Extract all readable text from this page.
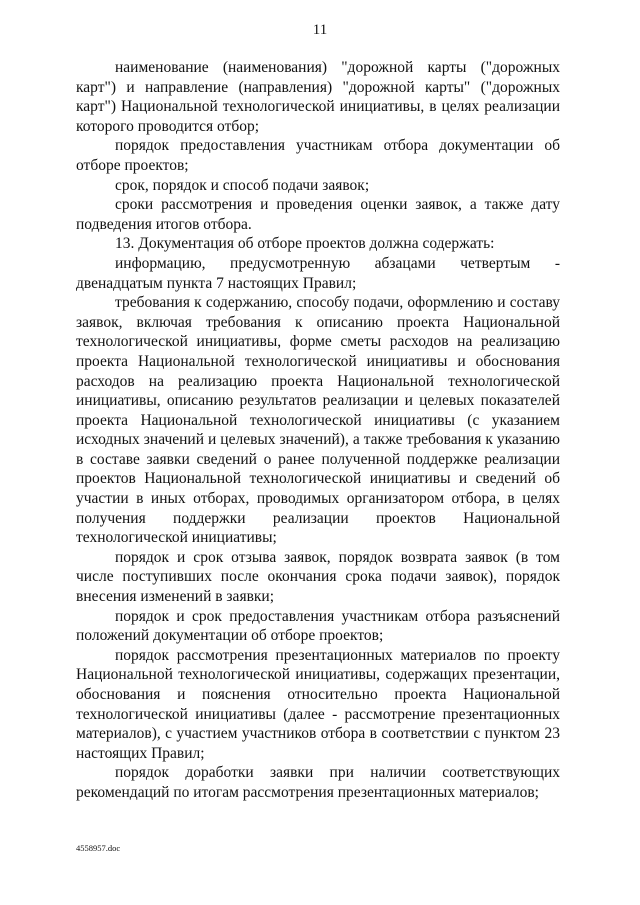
11

наименование (наименования) "дорожной карты ("дорожных карт") и направление (направления) "дорожной карты" ("дорожных карт") Национальной технологической инициативы, в целях реализации которого проводится отбор;

порядок предоставления участникам отбора документации об отборе проектов;

срок, порядок и способ подачи заявок;

сроки рассмотрения и проведения оценки заявок, а также дату подведения итогов отбора.

13. Документация об отборе проектов должна содержать:

информацию, предусмотренную абзацами четвертым - двенадцатым пункта 7 настоящих Правил;

требования к содержанию, способу подачи, оформлению и составу заявок, включая требования к описанию проекта Национальной технологической инициативы, форме сметы расходов на реализацию проекта Национальной технологической инициативы и обоснования расходов на реализацию проекта Национальной технологической инициативы, описанию результатов реализации и целевых показателей проекта Национальной технологической инициативы (с указанием исходных значений и целевых значений), а также требования к указанию в составе заявки сведений о ранее полученной поддержке реализации проектов Национальной технологической инициативы и сведений об участии в иных отборах, проводимых организатором отбора, в целях получения поддержки реализации проектов Национальной технологической инициативы;

порядок и срок отзыва заявок, порядок возврата заявок (в том числе поступивших после окончания срока подачи заявок), порядок внесения изменений в заявки;

порядок и срок предоставления участникам отбора разъяснений положений документации об отборе проектов;

порядок рассмотрения презентационных материалов по проекту Национальной технологической инициативы, содержащих презентации, обоснования и пояснения относительно проекта Национальной технологической инициативы (далее - рассмотрение презентационных материалов), с участием участников отбора в соответствии с пунктом 23 настоящих Правил;

порядок доработки заявки при наличии соответствующих рекомендаций по итогам рассмотрения презентационных материалов;

4558957.doc
